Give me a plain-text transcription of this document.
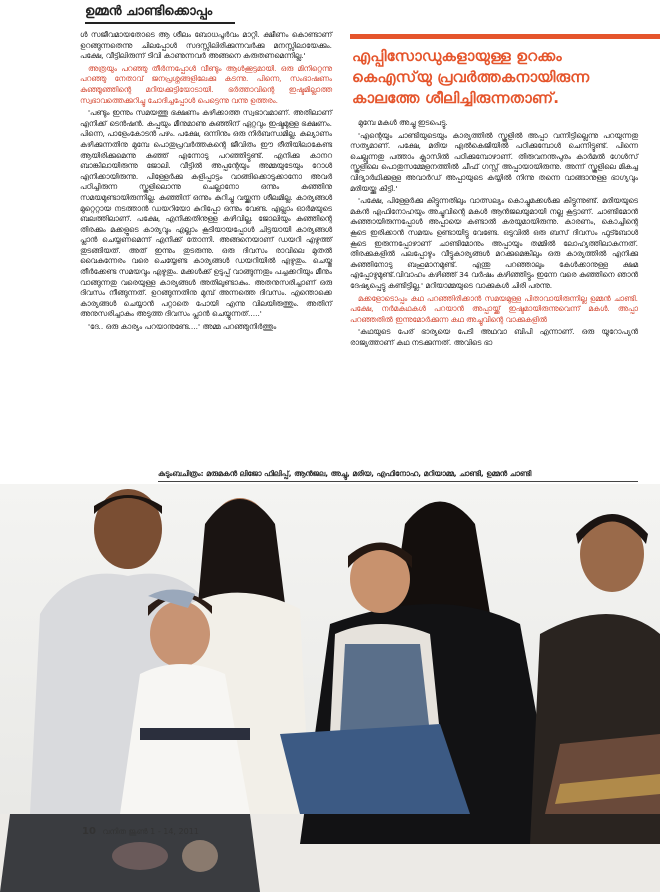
ഉമ്മൻ ചാണ്ടിക്കൊപ്പം
എപ്പിസോഡുകളായുള്ള ഉറക്കം കെഎസ്‌യു പ്രവർത്തകനായിരുന്ന കാലത്തേ ശീലിച്ചിരുന്നതാണ്.

ൾ സജീവമായതോടെ ആ ശീലം ബോധപൂർവം മാറ്റി. ക്ഷീണം കൊണ്ടാണ് ഉറങ്ങുന്നതെന്നു ചിലപ്പോൾ സദസ്സിലിരിക്കുന്നവർക്കു മനസ്സിലായേക്കും. പക്ഷേ, വീട്ടിലിരുന്ന് ടിവി കാണുന്നവർ അങ്ങനെ കരുതണമെന്നില്ല.'

അത്രയും പറഞ്ഞു തീർന്നപ്പോൾ വീണ്ടും ആൾക്കൂട്ടമായി. ഒരു മിനിറ്റെന്നു പറഞ്ഞു നേതാവ് ജനപ്രശ്നങ്ങളിലേക്കു കടന്നു. പിന്നെ, സംഭാഷണം കുഞ്ഞൂഞ്ഞിന്റെ മറിയക്കുട്ടിയോടായി. ഭർത്താവിന്റെ ഇഷ്ടമില്ലാത്ത സ്വഭാവത്തെക്കുറിച്ചു ചോദിച്ചപ്പോൾ പെട്ടെന്നു വന്നു ഉത്തരം.

'പണ്ടും ഇന്നും സമയത്തു ഭക്ഷണം കഴിക്കാത്ത സ്വഭാവമാണ്. അതിലാണ് എനിക്ക് ടെൻഷൻ. കപ്പയും മീനുമാണു കുഞ്ഞിന് ഏറ്റവും ഇഷ്ടമുള്ള ഭക്ഷണം. പിന്നെ, പാളേംകോടൻ പഴം. പക്ഷേ, ഒന്നിനും ഒരു നിർബന്ധമില്ല. കല്യാണം കഴിക്കുന്നതിനു മുമ്പേ പൊതുപ്രവർത്തകന്റെ ജീവിതം ഈ രീതിയിലാകേണ്ട ആയിരിക്കുമെന്നു കുഞ്ഞ് എന്നോടു പറഞ്ഞിട്ടുണ്ട്. എനിക്കു കാനറ ബാങ്കിലായിരുന്നു ജോലി. വീട്ടിൽ അപ്പന്റേയും അമ്മയുടേയും റോൾ എനിക്കായിരുന്നു. പിള്ളേർക്കു കളിപ്പാട്ടം വാങ്ങിക്കൊടുക്കാനോ അവർ പഠിച്ചിരുന്ന സ്കൂളിലൊന്നു ചെല്ലാനോ ഒന്നും കുഞ്ഞിനു സമയമുണ്ടായിരുന്നില്ല. കുഞ്ഞിന് ഒന്നും കുറിച്ചു വയ്ക്കുന്ന ശീലമില്ല. കാര്യങ്ങൾ മുറ്റെറ്റായ നടത്താൻ ഡയറിയോ കുറിപ്പോ ഒന്നും വേണ്ട. എല്ലാം ഓർമയുടെ ബലത്തിലാണ്. പക്ഷേ, എനിക്കതിനുള്ള കഴിവില്ല. ജോലിയും കുഞ്ഞിന്റെ തിരക്കും മക്കളുടെ കാര്യവും എല്ലാം കൂടിയായപ്പോൾ ചിട്ടയായി കാര്യങ്ങൾ പ്ലാൻ ചെയ്യണമെന്ന് എനിക്ക് തോന്നി. അങ്ങനെയാണ് ഡയറി എഴുത്ത് തുടങ്ങിയത്. അത് ഇന്നും തുടരുന്നു. ഒരു ദിവസം രാവിലെ മുതൽ വൈകുന്നേരം വരെ ചെയ്യേണ്ട കാര്യങ്ങൾ ഡയറിയിൽ എഴുതും. ചെയ്തു തീർക്കേണ്ട സമയവും എഴുതും. മക്കൾക്ക് ഉടുപ്പ് വാങ്ങുന്നതും പച്ചക്കറിയും മീനും വാങ്ങുന്നതു വരെയുള്ള കാര്യങ്ങൾ അതിലുണ്ടാകും. അതനുസരിച്ചാണ് ഒരു ദിവസം നീങ്ങുന്നത്. ഉറങ്ങുന്നതിനു മുമ്പ് അന്നത്തെ ദിവസം. എന്തൊക്കെ കാര്യങ്ങൾ ചെയ്യാൻ പറ്റാതെ പോയി എന്നു വിലയിരുത്തും. അതിന് അനുസരിച്ചാകും അടുത്ത ദിവസം പ്ലാൻ ചെയ്യുന്നത്.....'

'ദേ.. ഒരു കാര്യം പറയാനുണ്ടേ....' അമ്മ പറഞ്ഞുനിർത്തും

മുമ്പേ മകൾ അച്ചു ഇടപെട്ടു.

'എന്റെയും ചാണ്ടിയുടെയും കാര്യത്തിൽ സ്കൂളിൽ അപ്പാ വന്നിട്ടില്ലെന്നു പറയുന്നതു സത്യമാണ്. പക്ഷേ, മരിയ എൽകെജിയിൽ പഠിക്കുമ്പോൾ ചെന്നിട്ടുണ്ട്. പിന്നെ ചെല്ലുന്നതു പത്താം ക്ലാസിൽ പഠിക്കുമ്പോഴാണ്. തിരുവനന്തപുരം കാർമൽ ഗേൾസ് സ്കൂളിലെ പൊതുസമ്മേളനത്തിൽ ചീഫ് ഗസ്റ്റ് അപ്പായായിരുന്നു. അന്ന് സ്കൂളിലെ മികച്ച വിദ്യാർഥിക്കുള്ള അവാർഡ് അപ്പായുടെ കയ്യിൽ നിന്നു തന്നെ വാങ്ങാനുള്ള ഭാഗ്യവും മരിയയ്ക്കു കിട്ടി.'

'പക്ഷേ, പിള്ളേർക്കു കിട്ടുന്നതിലും വാത്സല്യം കൊച്ചുമക്കൾക്കു കിട്ടുന്നുണ്ട്. മരിയയുടെ മകൻ എഫിനോഹയും അച്ചുവിന്റെ മകൾ ആൻജലയുമായി നല്ല കൂട്ടാണ്. ചാണ്ടിമോൻ കുഞ്ഞായിരുന്നപ്പോൾ അപ്പായെ കണ്ടാൽ കരയുമായിരുന്നു. കാരണം, കൊച്ചിന്റെ കൂടെ ഇരിക്കാൻ സമയം ഉണ്ടായിട്ടു വേണ്ടേ. ഒടുവിൽ ഒരു ബസ് ദിവസം ഫുട്ബോൾ കൂടെ ഇരുന്നപ്പോഴാണ് ചാണ്ടിമോനും അപ്പായും തമ്മിൽ ലോഹ്യത്തിലാകുന്നത്. തിരക്കുകളിൽ പലപ്പോഴും വീട്ടുകാര്യങ്ങൾ മറക്കുമെങ്കിലും ഒരു കാര്യത്തിൽ എനിക്കു കുഞ്ഞിനോടു ബഹുമാനമുണ്ട്. എന്തു പറഞ്ഞാലും കേൾക്കാനുള്ള ക്ഷമ എപ്പോഴുമുണ്ട്.വിവാഹം കഴിഞ്ഞ് 34 വർഷം കഴിഞ്ഞിട്ടും ഇന്നേ വരെ കുഞ്ഞിനെ ഞാൻ ദേഷ്യപ്പെട്ടു കണ്ടിട്ടില്ല.' മറിയാമ്മയുടെ വാക്കുകൾ ചിരി പരന്നു.

മക്കളോടൊപ്പം കഥ പറഞ്ഞിരിക്കാൻ സമയമുള്ള പിതാവായിരുന്നില്ല ഉമ്മൻ ചാണ്ടി. പക്ഷേ, നർമകഥകൾ പറയാൻ അപ്പായ്ക്ക് ഇഷ്ടമായിരുന്നുവെന്ന് മകൾ. അപ്പാ പറഞ്ഞതിൽ ഇന്നുമോർക്കുന്ന കഥ അച്ചുവിന്റെ വാക്കുകളിൽ

'കഥയുടെ പേര് ഭാര്യയെ പേടി അഥവാ ബിപി എന്നാണ്. ഒരു യൂറോപ്യൻ രാജ്യത്താണ് കഥ നടക്കുന്നത്. അവിടെ ഭാ

കുടുംബചിത്രം: മരുമകൻ ലിജോ ഫിലിപ്പ്, ആൻജല, അച്ചു, മരിയ, എഫിനോഹ, മറിയാമ്മ, ചാണ്ടി, ഉമ്മൻ ചാണ്ടി
10 വനിത ജൂൺ 1 - 14, 2011
